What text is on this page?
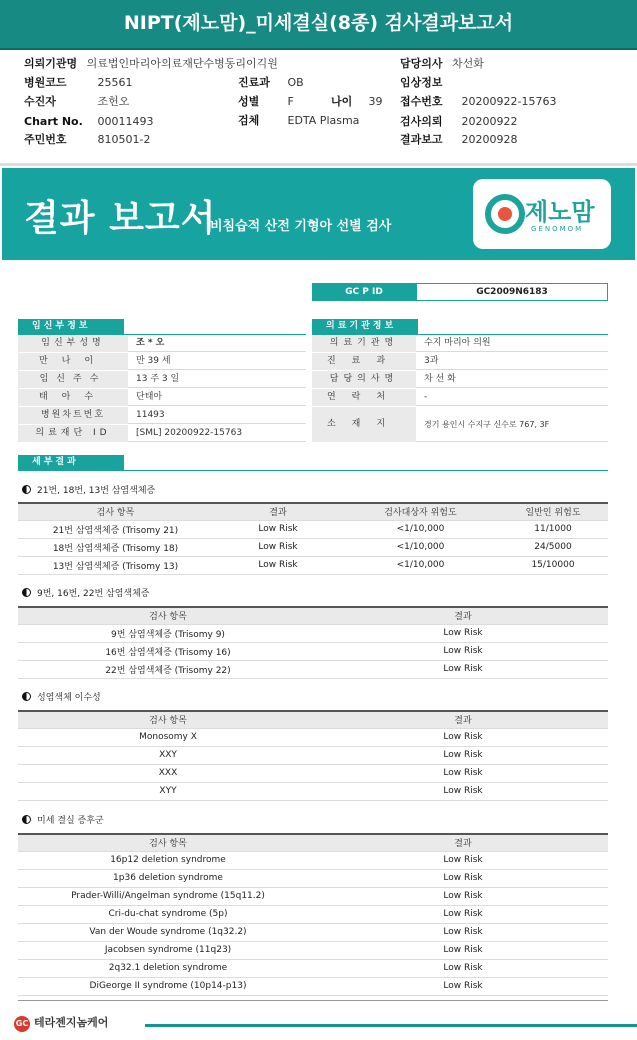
NIPT(제노맘)_미세결실(8종) 검사결과보고서
의뢰기관명 의료법인마리아의료재단수병동리이긱원	담당의사 차선화
병원코드	25561	진료과 OB	임상정보
수진자	조헌오	성별	F	나이 39 접수번호 20200922-15763
Chart No. 00011493	검체	EDTA Plasma	검사의뢰 20200922
주민번호	810501-2	결과보고 20200928
결과 보고서
비침습적 산전 기형아 선별 검사
제노맘
GENOMOM
GC P ID	GC2009N6183
임신부정보	의료기관정보
임신부성명	조 * 오
만나이	만 39 세
임신주수	13 주 3 일
태아수	단태아
병원차트번호	11493
의료재단 ID	[SML] 20200922-15763
의료기관명	수지 마리아 의원
진료과	3과
담당의사명	차 선 화
연락처	-
소재지	경기 용인시 수지구 신수로 767, 3F
세부결과
21번, 18번, 13번 삼염색체증
검사 항목	결과	검사대상자 위험도	일반인 위험도
21번 삼염색체증 (Trisomy 21)	Low Risk	<1/10,000	11/1000
18번 삼염색체증 (Trisomy 18)	Low Risk	<1/10,000	24/5000
13번 삼염색체증 (Trisomy 13)	Low Risk	<1/10,000	15/10000
9번, 16번, 22번 삼염색체증
검사 항목	결과
9번 삼염색체증 (Trisomy 9)	Low Risk
16번 삼염색체증 (Trisomy 16)	Low Risk
22번 삼염색체증 (Trisomy 22)	Low Risk
성염색체 이수성
검사 항목	결과
Monosomy X	Low Risk
XXY	Low Risk
XXX	Low Risk
XYY	Low Risk
미세 결실 증후군
검사 항목	결과
16p12 deletion syndrome	Low Risk
1p36 deletion syndrome	Low Risk
Prader-Willi/Angelman syndrome (15q11.2)	Low Risk
Cri-du-chat syndrome (5p)	Low Risk
Van der Woude syndrome (1q32.2)	Low Risk
Jacobsen syndrome (11q23)	Low Risk
2q32.1 deletion syndrome	Low Risk
DiGeorge II syndrome (10p14-p13)	Low Risk
GC 테라젠지놈케어
